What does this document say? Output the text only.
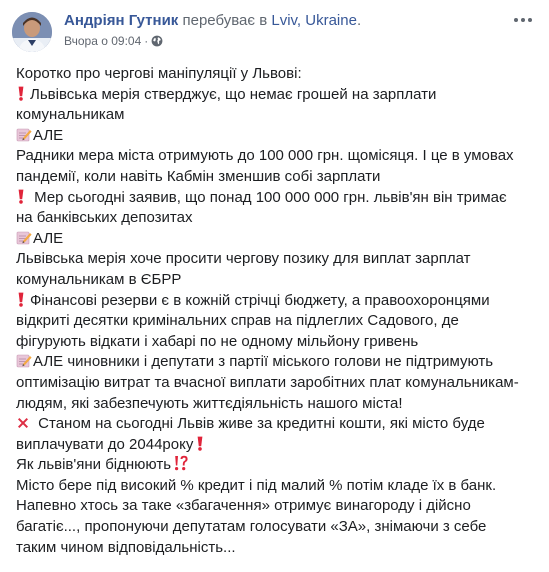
Андріян Гутник перебуває в Lviv, Ukraine.
Вчора о 09:04 ·
Коротко про чергові маніпуляції у Львові:
Львівська мерія стверджує, що немає грошей на зарплати
комунальникам
АЛЕ
Радники мера міста отримують до 100 000 грн. щомісяця. І це в умовах
пандемії, коли навіть Кабмін зменшив собі зарплати
Мер сьогодні заявив, що понад 100 000 000 грн. львів'ян він тримає
на банківських депозитах
АЛЕ
Львівська мерія хоче просити чергову позику для виплат зарплат
комунальникам в ЄБРР
Фінансові резерви є в кожній стрічці бюджету, а правоохоронцями
відкриті десятки кримінальних справ на підлеглих Садового, де
фігурують відкати і хабарі по не одному мільйону гривень
АЛЕ чиновники і депутати з партії міського голови не підтримують
оптимізацію витрат та вчасної виплати заробітних плат комунальникам-
людям, які забезпечують життєдіяльність нашого міста!
Станом на сьогодні Львів живе за кредитні кошти, які місто буде
виплачувати до 2044року
Як львів'яни біднюють
Місто бере під високий % кредит і під малий % потім кладе їх в банк.
Напевно хтось за таке «збагачення» отримує винагороду і дійсно
багатіє..., пропонуючи депутатам голосувати «ЗА», знімаючи з себе
таким чином відповідальність...
